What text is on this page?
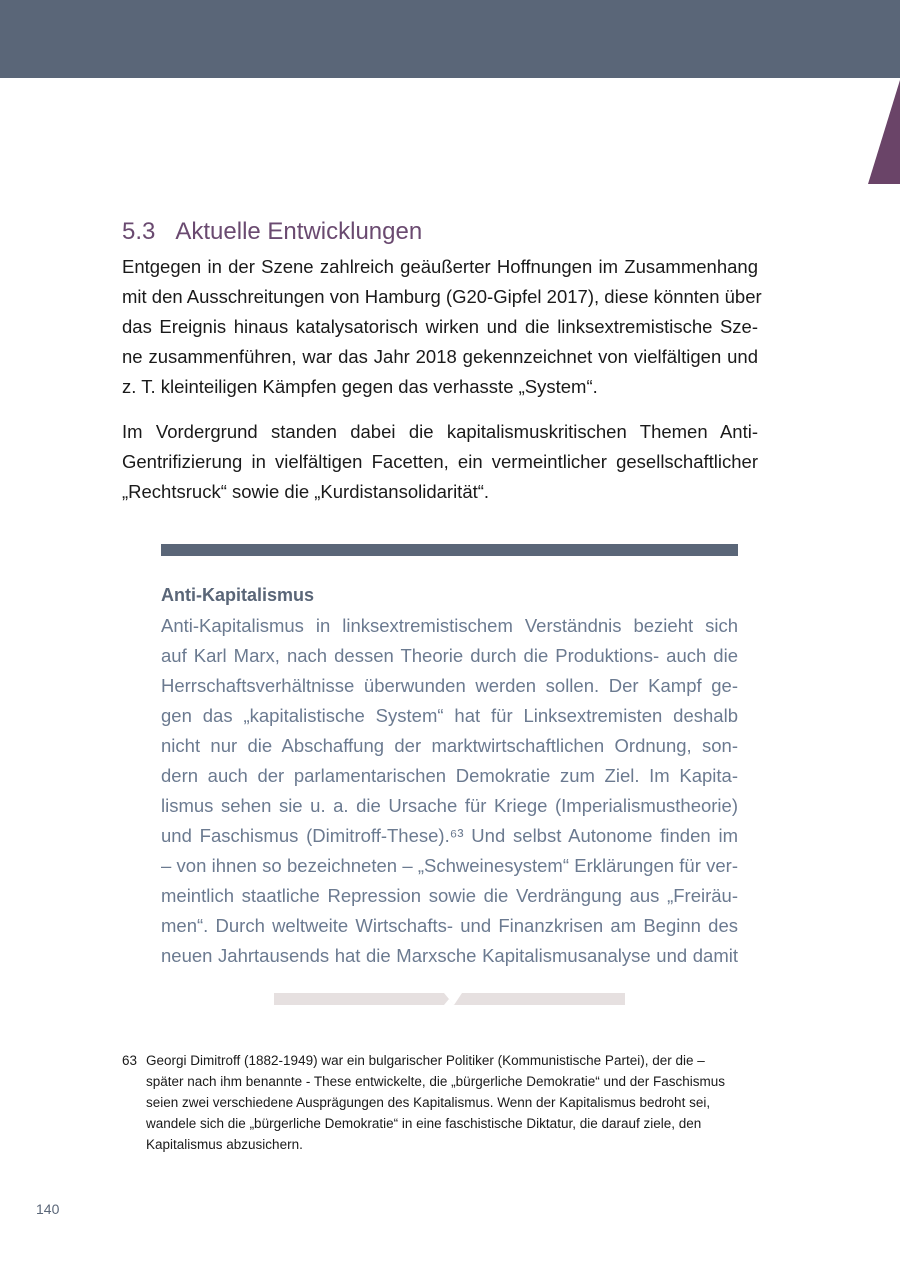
5.3 Aktuelle Entwicklungen
Entgegen in der Szene zahlreich geäußerter Hoffnungen im Zusammenhang
mit den Ausschreitungen von Hamburg (G20-Gipfel 2017), diese könnten über
das Ereignis hinaus katalysatorisch wirken und die linksextremistische Sze-
ne zusammenführen, war das Jahr 2018 gekennzeichnet von vielfältigen und
z. T. kleinteiligen Kämpfen gegen das verhasste „System“.
Im Vordergrund standen dabei die kapitalismuskritischen Themen Anti-
Gentrifizierung in vielfältigen Facetten, ein vermeintlicher gesellschaftlicher
„Rechtsruck“ sowie die „Kurdistansolidarität“.
Anti-Kapitalismus
Anti-Kapitalismus in linksextremistischem Verständnis bezieht sich
auf Karl Marx, nach dessen Theorie durch die Produktions- auch die
Herrschaftsverhältnisse überwunden werden sollen. Der Kampf ge-
gen das „kapitalistische System“ hat für Linksextremisten deshalb
nicht nur die Abschaffung der marktwirtschaftlichen Ordnung, son-
dern auch der parlamentarischen Demokratie zum Ziel. Im Kapita-
lismus sehen sie u. a. die Ursache für Kriege (Imperialismustheorie)
und Faschismus (Dimitroff-These).⁶³ Und selbst Autonome finden im
– von ihnen so bezeichneten – „Schweinesystem“ Erklärungen für ver-
meintlich staatliche Repression sowie die Verdrängung aus „Freiräu-
men“. Durch weltweite Wirtschafts- und Finanzkrisen am Beginn des
neuen Jahrtausends hat die Marxsche Kapitalismusanalyse und damit
63 Georgi Dimitroff (1882-1949) war ein bulgarischer Politiker (Kommunistische Partei), der die –
später nach ihm benannte - These entwickelte, die „bürgerliche Demokratie“ und der Faschismus
seien zwei verschiedene Ausprägungen des Kapitalismus. Wenn der Kapitalismus bedroht sei,
wandele sich die „bürgerliche Demokratie“ in eine faschistische Diktatur, die darauf ziele, den
Kapitalismus abzusichern.
140
